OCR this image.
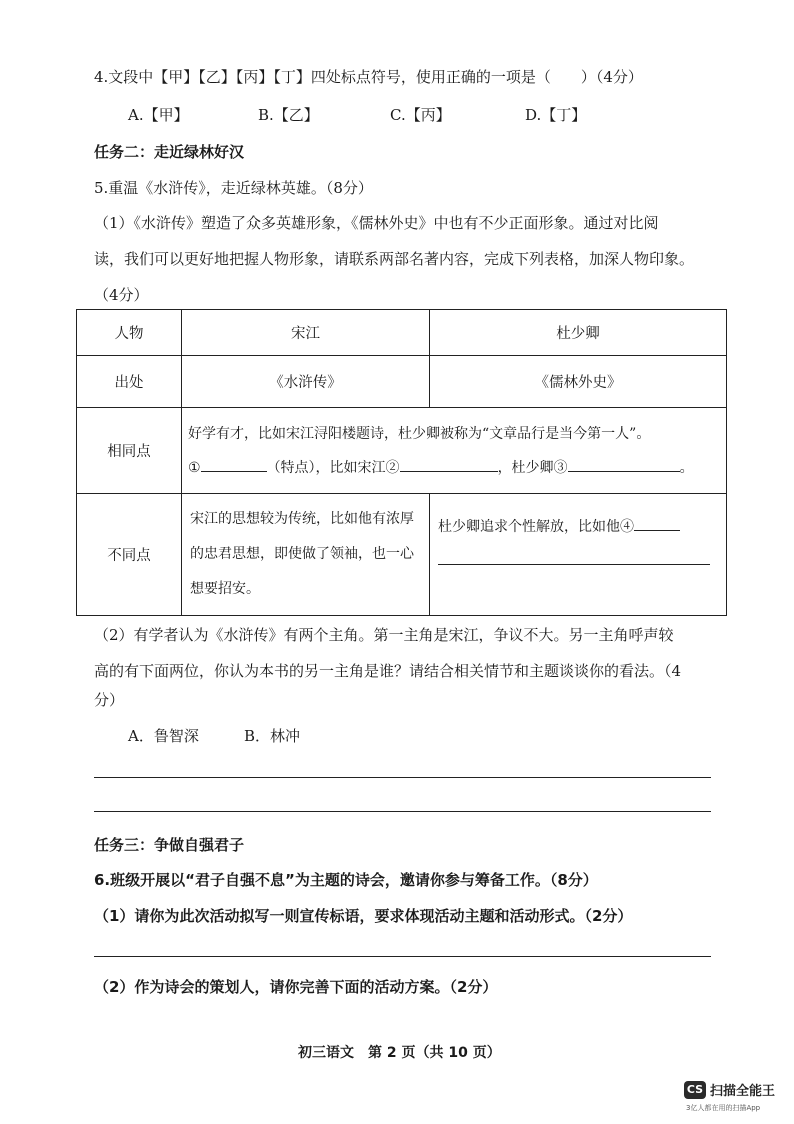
4.文段中【甲】【乙】【丙】【丁】四处标点符号，使用正确的一项是（　　）（4分）
A.【甲】	B.【乙】	C.【丙】	D.【丁】
任务二：走近绿林好汉
5.重温《水浒传》，走近绿林英雄。（8分）
（1）《水浒传》塑造了众多英雄形象，《儒林外史》中也有不少正面形象。通过对比阅
读，我们可以更好地把握人物形象，请联系两部名著内容，完成下列表格，加深人物印象。
（4分）
人物	宋江	杜少卿
出处	《水浒传》	《儒林外史》
相同点	好学有才，比如宋江浔阳楼题诗，杜少卿被称为“文章品行是当今第一人”。
① （特点），比如宋江② ，杜少卿③ 。	

不同点	宋江的思想较为传统，比如他有浓厚的忠君思想，即使做了领袖，也一心想要招安。	杜少卿追求个性解放，比如他④
（2）有学者认为《水浒传》有两个主角。第一主角是宋江，争议不大。另一主角呼声较
高的有下面两位，你认为本书的另一主角是谁？请结合相关情节和主题谈谈你的看法。（4
分）
A．鲁智深	B．林冲
任务三：争做自强君子
6.班级开展以“君子自强不息”为主题的诗会，邀请你参与筹备工作。（8分）
（1）请你为此次活动拟写一则宣传标语，要求体现活动主题和活动形式。（2分）
（2）作为诗会的策划人，请你完善下面的活动方案。（2分）
初三语文　第 2 页（共 10 页）
CS 扫描全能王
3亿人都在用的扫描App
